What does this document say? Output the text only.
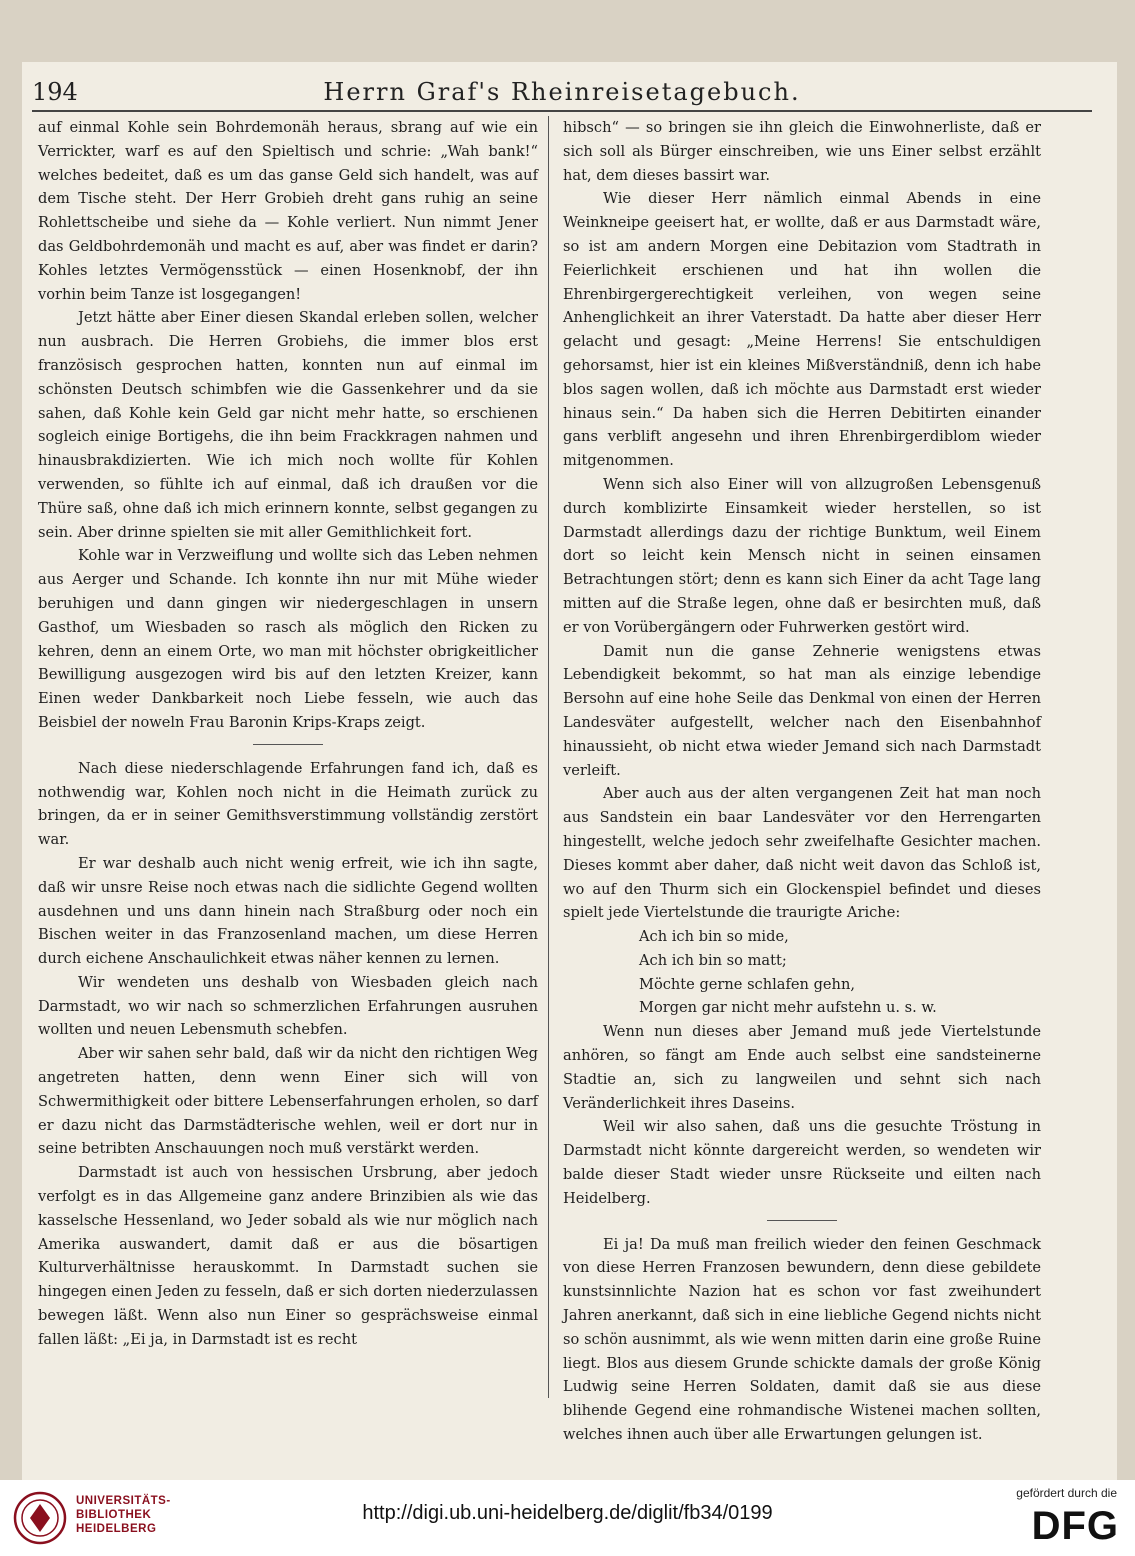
194	Herrn Graf's Rheinreisetagebuch.

auf einmal Kohle sein Bohrdemonäh heraus, sbrang auf wie ein Verrickter, warf es auf den Spieltisch und schrie: „Wah bank!“ welches bedeitet, daß es um das ganse Geld sich handelt, was auf dem Tische steht. Der Herr Grobieh dreht gans ruhig an seine Rohlettscheibe und siehe da — Kohle verliert. Nun nimmt Jener das Geldbohrdemonäh und macht es auf, aber was findet er darin? Kohles letztes Vermögensstück — einen Hosenknobf, der ihn vorhin beim Tanze ist losgegangen!

Jetzt hätte aber Einer diesen Skandal erleben sollen, welcher nun ausbrach. Die Herren Grobiehs, die immer blos erst französisch gesprochen hatten, konnten nun auf einmal im schönsten Deutsch schimbfen wie die Gassenkehrer und da sie sahen, daß Kohle kein Geld gar nicht mehr hatte, so erschienen sogleich einige Bortigehs, die ihn beim Frackkragen nahmen und hinausbrakdizierten. Wie ich mich noch wollte für Kohlen verwenden, so fühlte ich auf einmal, daß ich draußen vor die Thüre saß, ohne daß ich mich erinnern konnte, selbst gegangen zu sein. Aber drinne spielten sie mit aller Gemithlichkeit fort.

Kohle war in Verzweiflung und wollte sich das Leben nehmen aus Aerger und Schande. Ich konnte ihn nur mit Mühe wieder beruhigen und dann gingen wir niedergeschlagen in unsern Gasthof, um Wiesbaden so rasch als möglich den Ricken zu kehren, denn an einem Orte, wo man mit höchster obrigkeitlicher Bewilligung ausgezogen wird bis auf den letzten Kreizer, kann Einen weder Dankbarkeit noch Liebe fesseln, wie auch das Beisbiel der noweln Frau Baronin Krips-Kraps zeigt.

Nach diese niederschlagende Erfahrungen fand ich, daß es nothwendig war, Kohlen noch nicht in die Heimath zurück zu bringen, da er in seiner Gemithsverstimmung vollständig zerstört war.

Er war deshalb auch nicht wenig erfreit, wie ich ihn sagte, daß wir unsre Reise noch etwas nach die sidlichte Gegend wollten ausdehnen und uns dann hinein nach Straßburg oder noch ein Bischen weiter in das Franzosenland machen, um diese Herren durch eichene Anschaulichkeit etwas näher kennen zu lernen.

Wir wendeten uns deshalb von Wiesbaden gleich nach Darmstadt, wo wir nach so schmerzlichen Erfahrungen ausruhen wollten und neuen Lebensmuth schebfen.

Aber wir sahen sehr bald, daß wir da nicht den richtigen Weg angetreten hatten, denn wenn Einer sich will von Schwermithigkeit oder bittere Lebenserfahrungen erholen, so darf er dazu nicht das Darmstädterische wehlen, weil er dort nur in seine betribten Anschauungen noch muß verstärkt werden.

Darmstadt ist auch von hessischen Ursbrung, aber jedoch verfolgt es in das Allgemeine ganz andere Brinzibien als wie das kasselsche Hessenland, wo Jeder sobald als wie nur möglich nach Amerika auswandert, damit daß er aus die bösartigen Kulturverhältnisse herauskommt. In Darmstadt suchen sie hingegen einen Jeden zu fesseln, daß er sich dorten niederzulassen bewegen läßt. Wenn also nun Einer so gesprächsweise einmal fallen läßt: „Ei ja, in Darmstadt ist es recht

hibsch“ — so bringen sie ihn gleich die Einwohnerliste, daß er sich soll als Bürger einschreiben, wie uns Einer selbst erzählt hat, dem dieses bassirt war.

Wie dieser Herr nämlich einmal Abends in eine Weinkneipe geeisert hat, er wollte, daß er aus Darmstadt wäre, so ist am andern Morgen eine Debitazion vom Stadtrath in Feierlichkeit erschienen und hat ihn wollen die Ehrenbirgergerechtigkeit verleihen, von wegen seine Anhenglichkeit an ihrer Vaterstadt. Da hatte aber dieser Herr gelacht und gesagt: „Meine Herrens! Sie entschuldigen gehorsamst, hier ist ein kleines Mißverständniß, denn ich habe blos sagen wollen, daß ich möchte aus Darmstadt erst wieder hinaus sein.“ Da haben sich die Herren Debitirten einander gans verblift angesehn und ihren Ehrenbirgerdiblom wieder mitgenommen.

Wenn sich also Einer will von allzugroßen Lebensgenuß durch komblizirte Einsamkeit wieder herstellen, so ist Darmstadt allerdings dazu der richtige Bunktum, weil Einem dort so leicht kein Mensch nicht in seinen einsamen Betrachtungen stört; denn es kann sich Einer da acht Tage lang mitten auf die Straße legen, ohne daß er besirchten muß, daß er von Vorübergängern oder Fuhrwerken gestört wird.

Damit nun die ganse Zehnerie wenigstens etwas Lebendigkeit bekommt, so hat man als einzige lebendige Bersohn auf eine hohe Seile das Denkmal von einen der Herren Landesväter aufgestellt, welcher nach den Eisenbahnhof hinaussieht, ob nicht etwa wieder Jemand sich nach Darmstadt verleift.

Aber auch aus der alten vergangenen Zeit hat man noch aus Sandstein ein baar Landesväter vor den Herrengarten hingestellt, welche jedoch sehr zweifelhafte Gesichter machen. Dieses kommt aber daher, daß nicht weit davon das Schloß ist, wo auf den Thurm sich ein Glockenspiel befindet und dieses spielt jede Viertelstunde die traurigte Ariche:

Ach ich bin so mide,
Ach ich bin so matt;
Möchte gerne schlafen gehn,
Morgen gar nicht mehr aufstehn u. s. w.

Wenn nun dieses aber Jemand muß jede Viertelstunde anhören, so fängt am Ende auch selbst eine sandsteinerne Stadtie an, sich zu langweilen und sehnt sich nach Veränderlichkeit ihres Daseins.

Weil wir also sahen, daß uns die gesuchte Tröstung in Darmstadt nicht könnte dargereicht werden, so wendeten wir balde dieser Stadt wieder unsre Rückseite und eilten nach Heidelberg.

Ei ja! Da muß man freilich wieder den feinen Geschmack von diese Herren Franzosen bewundern, denn diese gebildete kunstsinnlichte Nazion hat es schon vor fast zweihundert Jahren anerkannt, daß sich in eine liebliche Gegend nichts nicht so schön ausnimmt, als wie wenn mitten darin eine große Ruine liegt. Blos aus diesem Grunde schickte damals der große König Ludwig seine Herren Soldaten, damit daß sie aus diese blihende Gegend eine rohmandische Wistenei machen sollten, welches ihnen auch über alle Erwartungen gelungen ist.

UNIVERSITÄTS-
BIBLIOTHEK
HEIDELBERG
http://digi.ub.uni-heidelberg.de/diglit/fb34/0199
gefördert durch die
DFG
